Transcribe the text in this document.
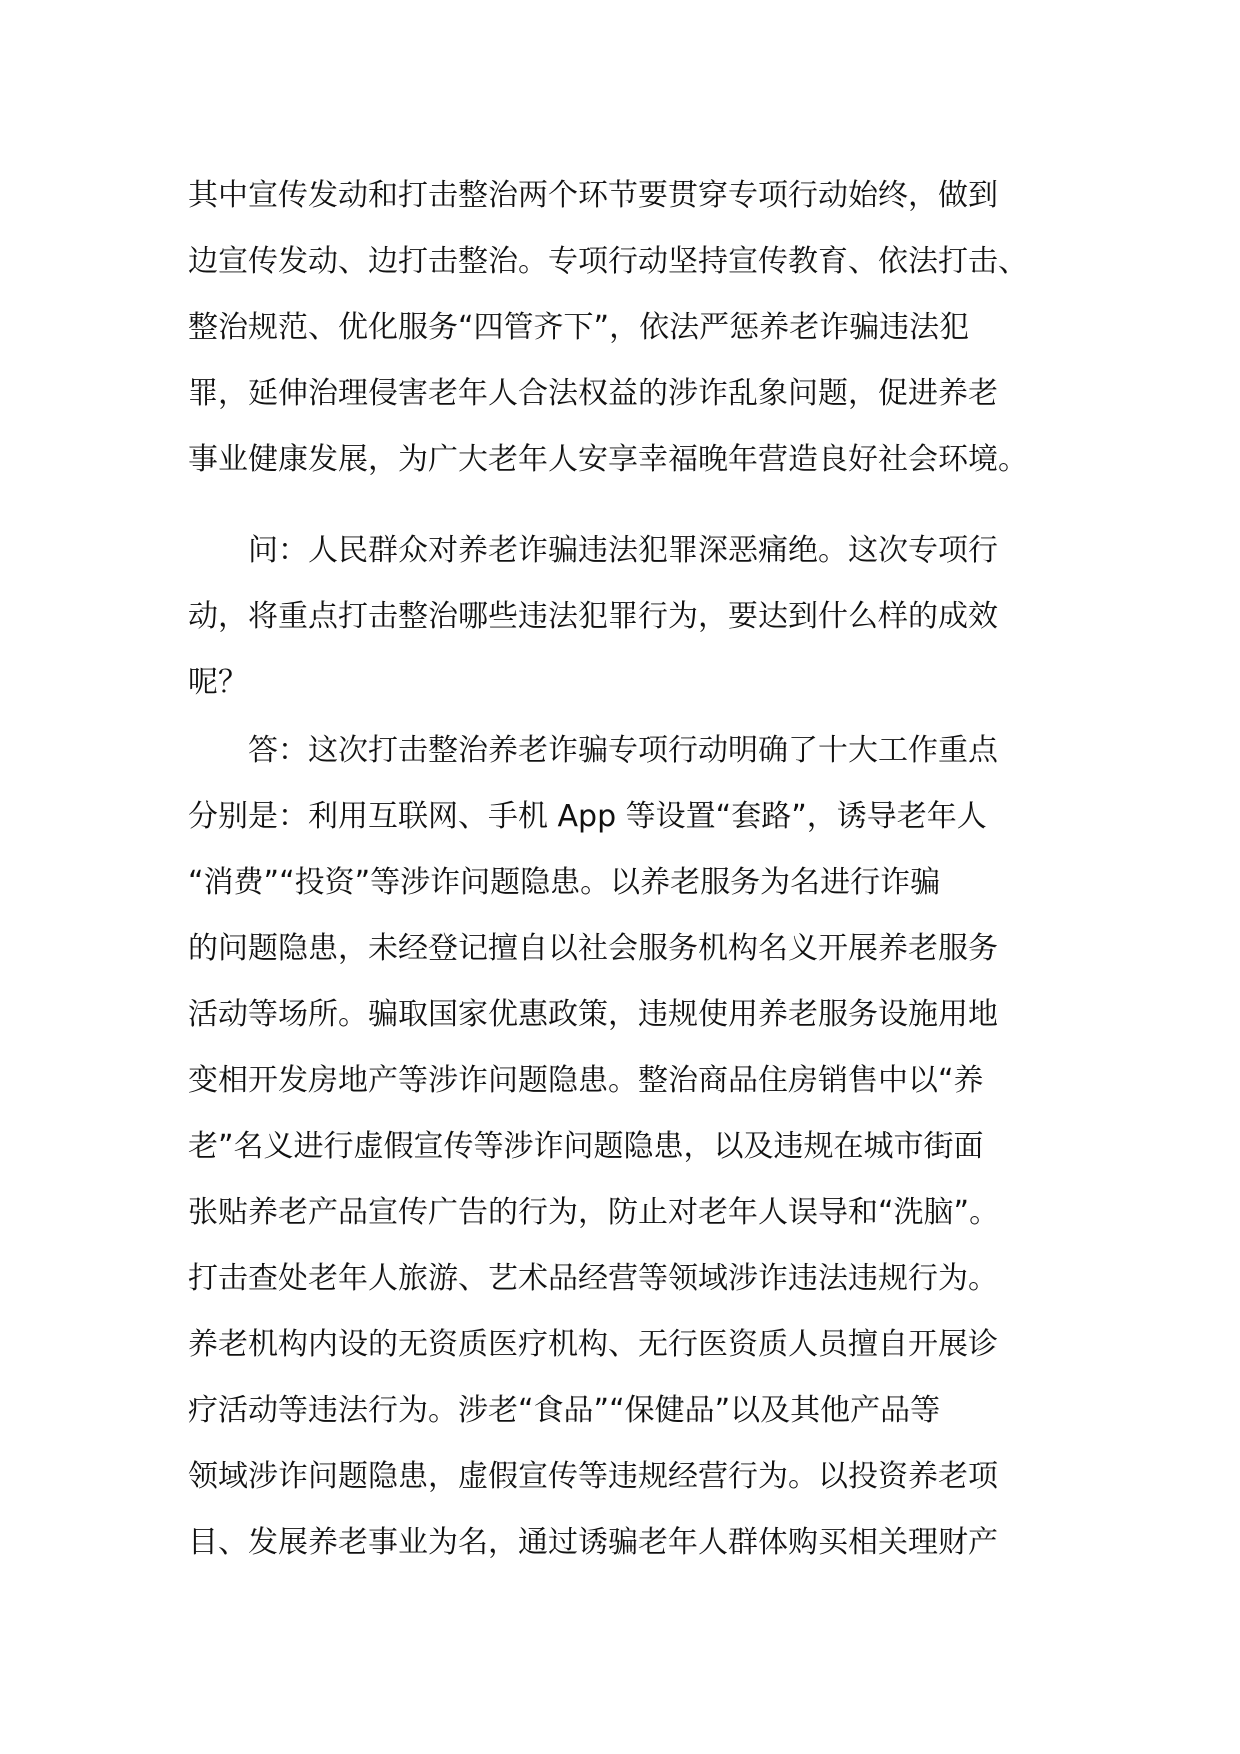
其中宣传发动和打击整治两个环节要贯穿专项行动始终，做到
边宣传发动、边打击整治。专项行动坚持宣传教育、依法打击、
整治规范、优化服务“四管齐下”，依法严惩养老诈骗违法犯
罪，延伸治理侵害老年人合法权益的涉诈乱象问题，促进养老
事业健康发展，为广大老年人安享幸福晚年营造良好社会环境。
　　问：人民群众对养老诈骗违法犯罪深恶痛绝。这次专项行
动，将重点打击整治哪些违法犯罪行为，要达到什么样的成效
呢？
　　答：这次打击整治养老诈骗专项行动明确了十大工作重点
分别是：利用互联网、手机 App 等设置“套路”，诱导老年人
“消费”“投资”等涉诈问题隐患。以养老服务为名进行诈骗
的问题隐患，未经登记擅自以社会服务机构名义开展养老服务
活动等场所。骗取国家优惠政策，违规使用养老服务设施用地
变相开发房地产等涉诈问题隐患。整治商品住房销售中以“养
老”名义进行虚假宣传等涉诈问题隐患，以及违规在城市街面
张贴养老产品宣传广告的行为，防止对老年人误导和“洗脑”。
打击查处老年人旅游、艺术品经营等领域涉诈违法违规行为。
养老机构内设的无资质医疗机构、无行医资质人员擅自开展诊
疗活动等违法行为。涉老“食品”“保健品”以及其他产品等
领域涉诈问题隐患，虚假宣传等违规经营行为。以投资养老项
目、发展养老事业为名，通过诱骗老年人群体购买相关理财产
